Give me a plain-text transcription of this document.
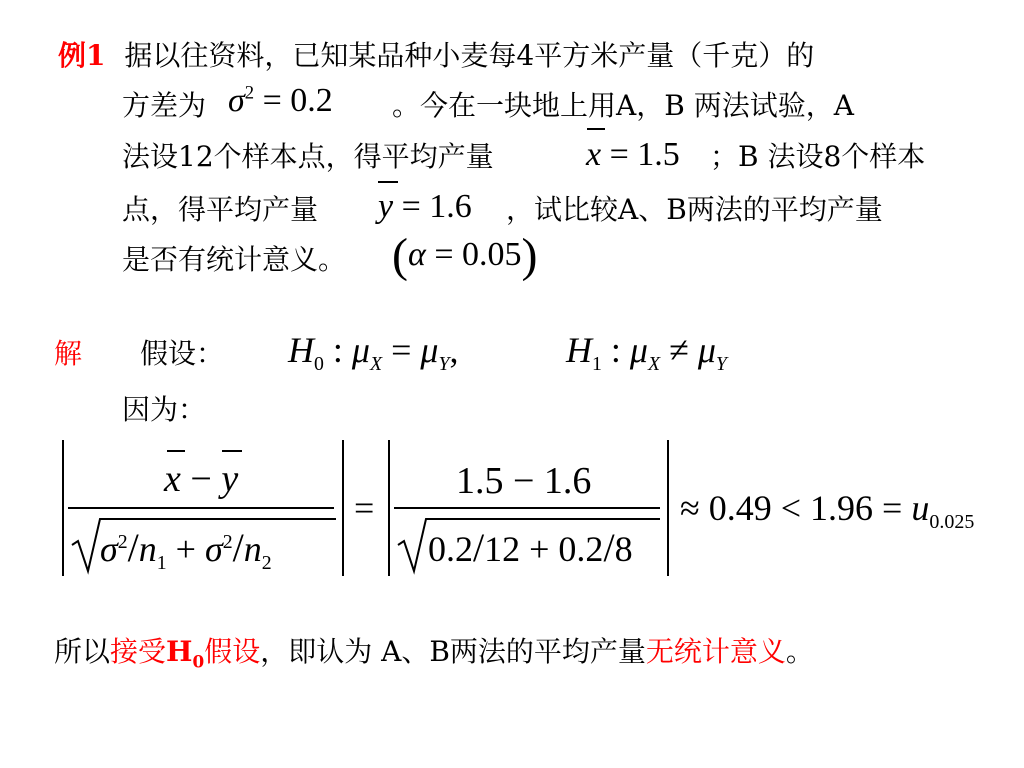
例1 据以往资料，已知某品种小麦每4平方米产量（千克）的
方差为 $\sigma^2 = 0.2$ 。今在一块地上用A，B 两法试验，A
法设12个样本点，得平均产量	x = 1.5 ；B 法设8个样本
点，得平均产量 y = 1.6 ，试比较A、B两法的平均产量
是否有统计意义。 (α = 0.05)
解 假设： $H_0$ : $\mu_X = \mu_Y$,	$H_1$ : $\mu_X \ne \mu_Y$
因为：
x − y
$\sigma^2/n_1 + \sigma^2/n_2$
=
1.5 − 1.6
0.2/12 + 0.2/8
≈ $0.49 < 1.96 = u_{0.025}$
所以接受$H_0$假设，即认为 A、B两法的平均产量无统计意义。
